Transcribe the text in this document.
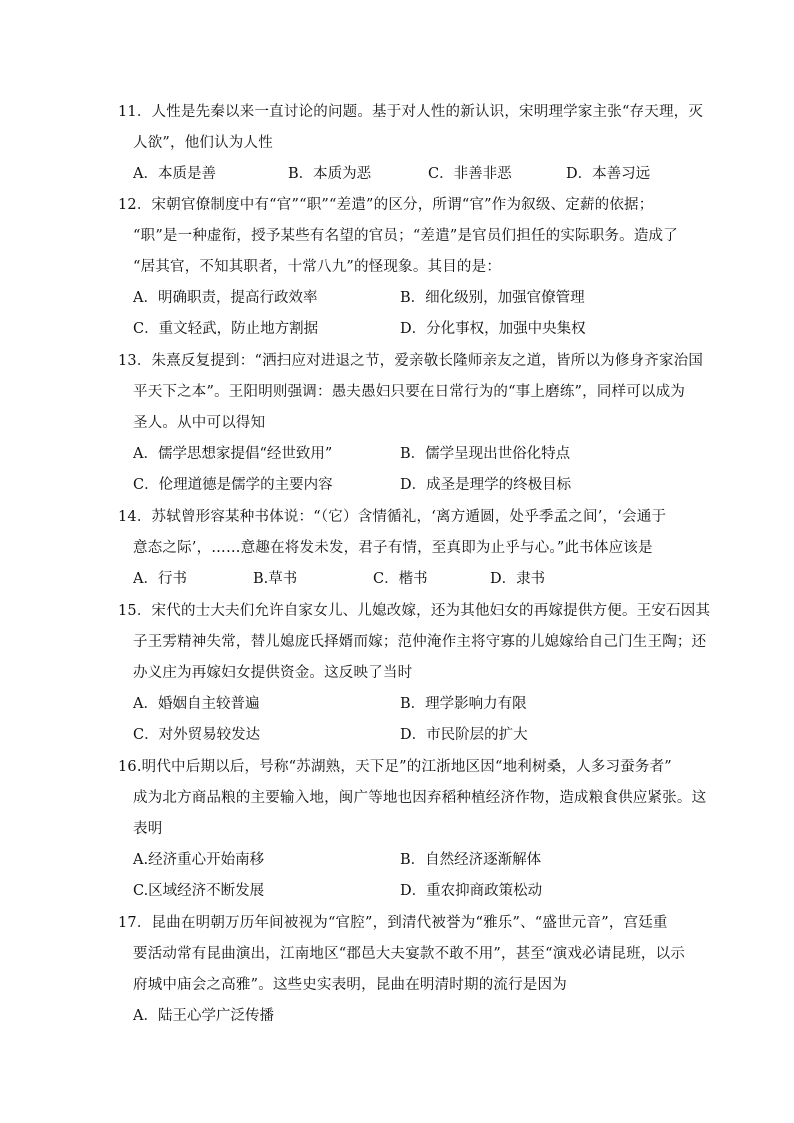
11．人性是先秦以来一直讨论的问题。基于对人性的新认识，宋明理学家主张“存天理，灭
人欲”，他们认为人性
A．本质是善	B．本质为恶	C．非善非恶	D．本善习远
12．宋朝官僚制度中有“官”“职”“差遣”的区分，所谓“官”作为叙级、定薪的依据；
“职”是一种虚衔，授予某些有名望的官员；“差遣”是官员们担任的实际职务。造成了
“居其官，不知其职者，十常八九”的怪现象。其目的是：
A．明确职责，提高行政效率	B．细化级别，加强官僚管理
C．重文轻武，防止地方割据	D．分化事权，加强中央集权
13．朱熹反复提到：“洒扫应对进退之节，爱亲敬长隆师亲友之道，皆所以为修身齐家治国
平天下之本”。王阳明则强调：愚夫愚妇只要在日常行为的“事上磨练”，同样可以成为
圣人。从中可以得知
A．儒学思想家提倡“经世致用”	B．儒学呈现出世俗化特点
C．伦理道德是儒学的主要内容	D．成圣是理学的终极目标
14．苏轼曾形容某种书体说：“（它）含情循礼，‘离方遁圆，处乎季孟之间’，‘会通于
意态之际’，……意趣在将发未发，君子有情，至真即为止乎与心。”此书体应该是
A．行书	B.草书	C．楷书	D．隶书
15．宋代的士大夫们允许自家女儿、儿媳改嫁，还为其他妇女的再嫁提供方便。王安石因其
子王雱精神失常，替儿媳庞氏择婿而嫁；范仲淹作主将守寡的儿媳嫁给自己门生王陶；还
办义庄为再嫁妇女提供资金。这反映了当时
A．婚姻自主较普遍	B．理学影响力有限
C．对外贸易较发达	D．市民阶层的扩大
16.明代中后期以后，号称“苏湖熟，天下足”的江浙地区因“地利树桑，人多习蚕务者”
成为北方商品粮的主要输入地，闽广等地也因弃稻种植经济作物，造成粮食供应紧张。这
表明
A.经济重心开始南移	B．自然经济逐渐解体
C.区域经济不断发展	D．重农抑商政策松动
17．昆曲在明朝万历年间被视为“官腔”，到清代被誉为“雅乐”、“盛世元音”，宫廷重
要活动常有昆曲演出，江南地区“郡邑大夫宴款不敢不用”，甚至“演戏必请昆班，以示
府城中庙会之高雅”。这些史实表明，昆曲在明清时期的流行是因为
A．陆王心学广泛传播
